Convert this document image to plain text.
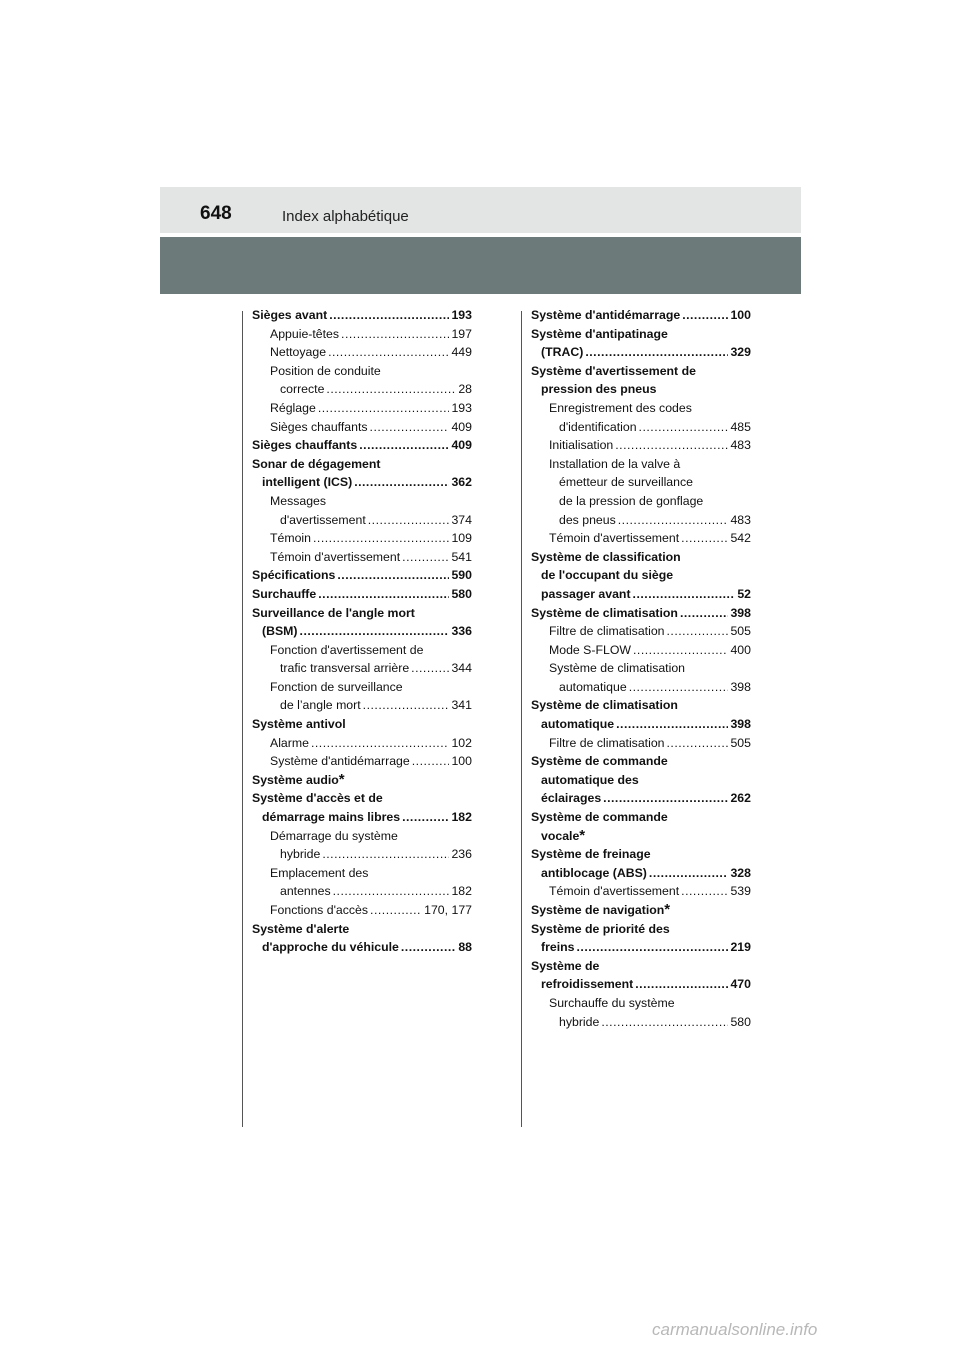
648	Index alphabétique
Sièges avant .....	193
Appuie-têtes .....	197
Nettoyage .....	449
Position de conduite
correcte .....	28
Réglage .....	193
Sièges chauffants .....	409
Sièges chauffants .....	409
Sonar de dégagement
intelligent (ICS) .....	362
Messages
d'avertissement .....	374
Témoin .....	109
Témoin d'avertissement .....	541
Spécifications .....	590
Surchauffe .....	580
Surveillance de l'angle mort
(BSM) .....	336
Fonction d'avertissement de
trafic transversal arrière .....	344
Fonction de surveillance
de l’angle mort .....	341
Système antivol
Alarme .....	102
Système d'antidémarrage .....	100
Système audio *
Système d'accès et de
démarrage mains libres .....	182
Démarrage du système
hybride .....	236
Emplacement des
antennes .....	182
Fonctions d'accès .....	170, 177
Système d'alerte
d'approche du véhicule .....	88
Système d'antidémarrage .....	100
Système d'antipatinage
(TRAC) .....	329
Système d'avertissement de
pression des pneus
Enregistrement des codes
d'identification .....	485
Initialisation .....	483
Installation de la valve à
émetteur de surveillance
de la pression de gonflage
des pneus .....	483
Témoin d'avertissement .....	542
Système de classification
de l'occupant du siège
passager avant .....	52
Système de climatisation .....	398
Filtre de climatisation .....	505
Mode S-FLOW .....	400
Système de climatisation
automatique .....	398
Système de climatisation
automatique .....	398
Filtre de climatisation .....	505
Système de commande
automatique des
éclairages .....	262
Système de commande
vocale *
Système de freinage
antiblocage (ABS) .....	328
Témoin d'avertissement .....	539
Système de navigation *
Système de priorité des
freins .....	219
Système de
refroidissement .....	470
Surchauffe du système
hybride .....	580
carmanualsonline.info
